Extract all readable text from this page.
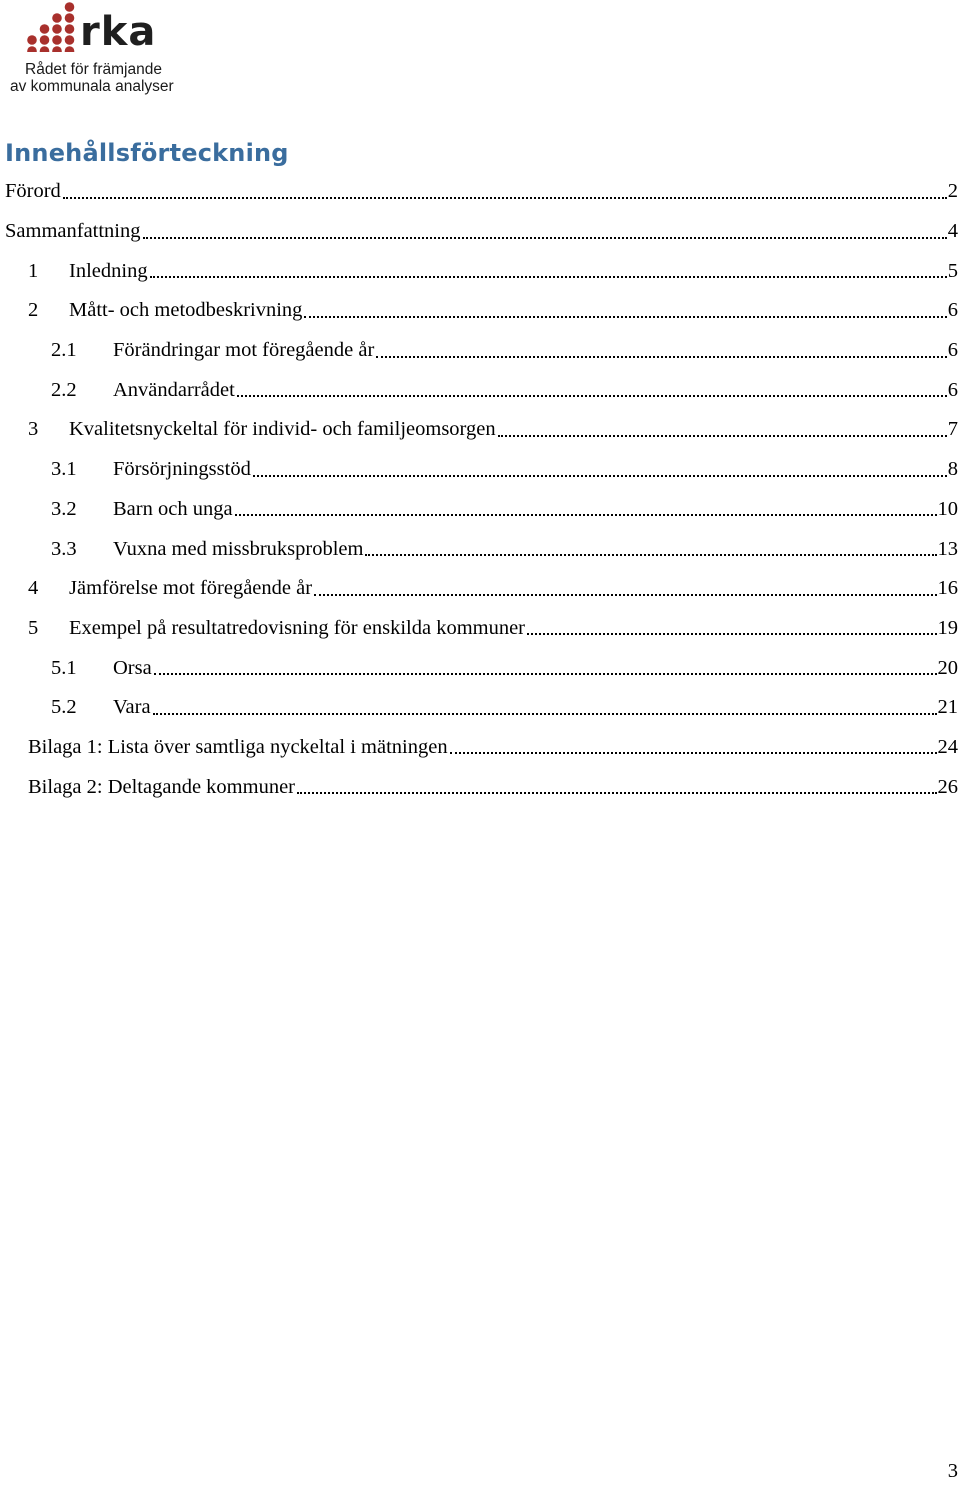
rka
Rådet för främjande
av kommunala analyser
Innehållsförteckning
Förord	2
Sammanfattning	4
1	Inledning	5
2	Mått- och metodbeskrivning	6
2.1	Förändringar mot föregående år	6
2.2	Användarrådet	6
3	Kvalitetsnyckeltal för individ- och familjeomsorgen	7
3.1	Försörjningsstöd	8
3.2	Barn och unga	10
3.3	Vuxna med missbruksproblem	13
4	Jämförelse mot föregående år	16
5	Exempel på resultatredovisning för enskilda kommuner	19
5.1	Orsa	20
5.2	Vara	21
Bilaga 1: Lista över samtliga nyckeltal i mätningen	24
Bilaga 2: Deltagande kommuner	26
3
